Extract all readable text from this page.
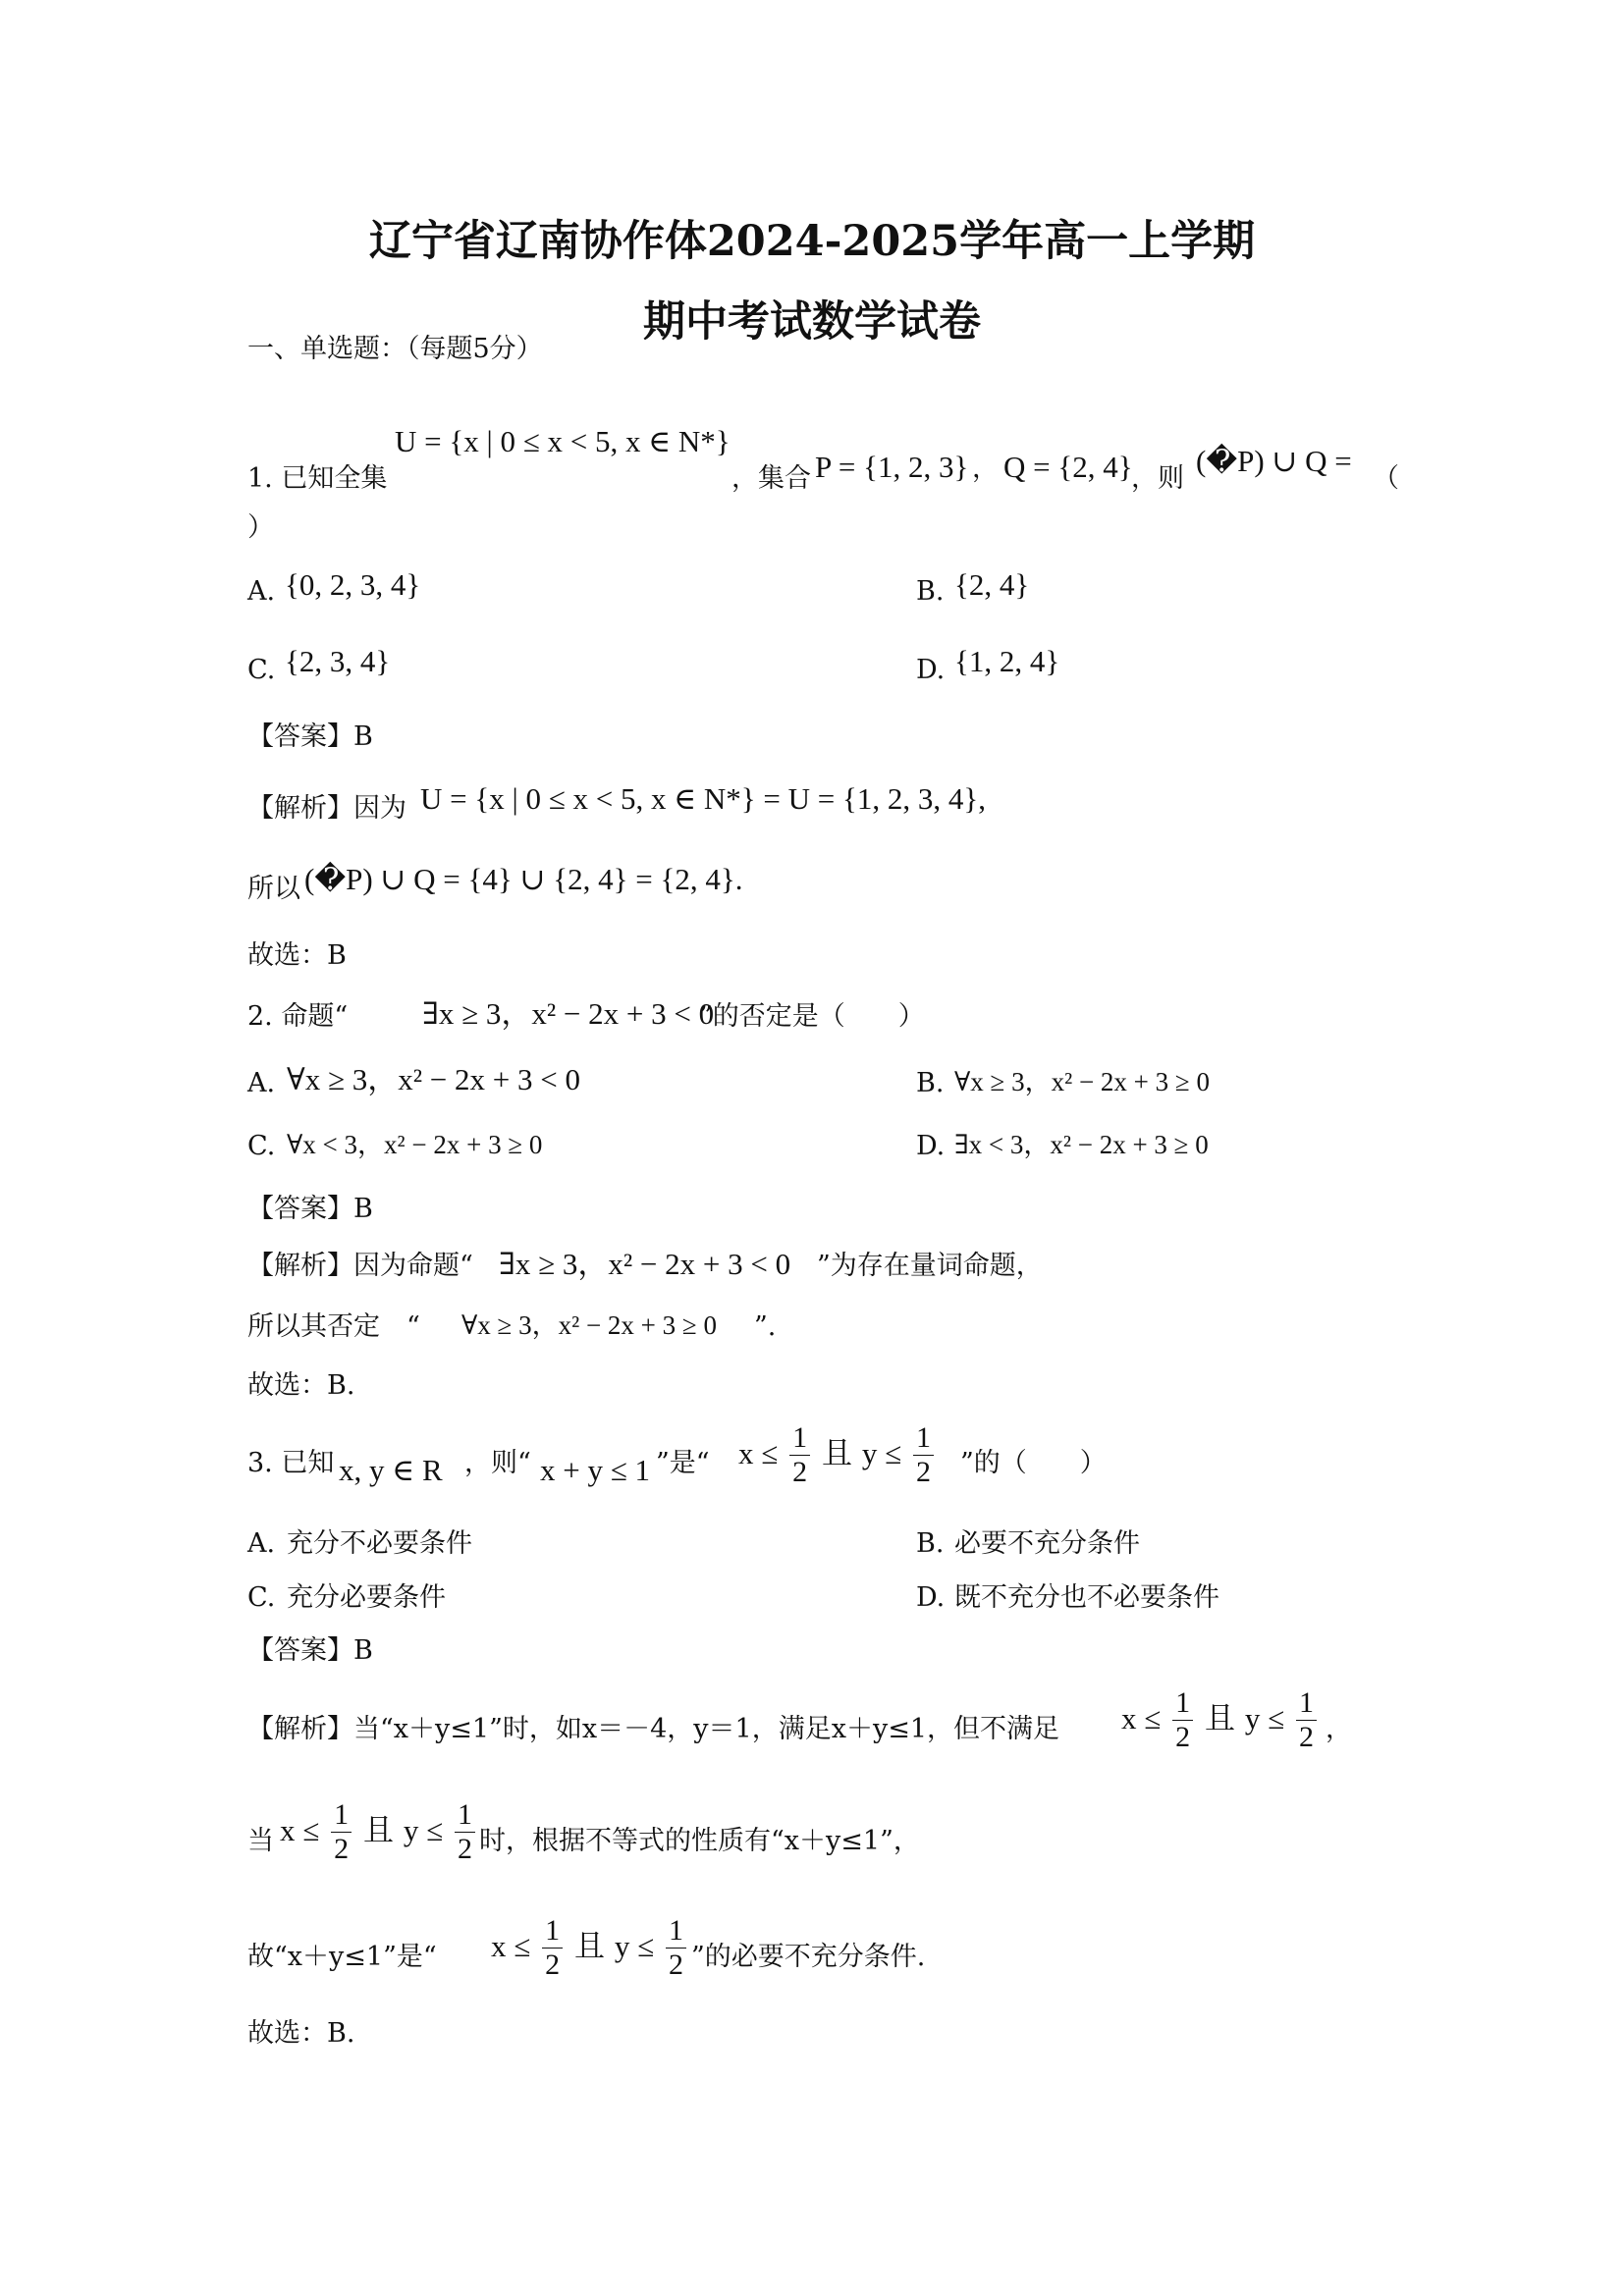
辽宁省辽南协作体2024-2025学年高一上学期
期中考试数学试卷
一、单选题：（每题5分）
1. 已知全集
U = {x | 0 ≤ x < 5, x ∈ N*}
，集合 P = {1, 2, 3} ， Q = {2, 4}
，则
(�P) ∪ Q =
（
）
A. {0, 2, 3, 4}	B. {2, 4}
C. {2, 3, 4}	D. {1, 2, 4}
【答案】B
【解析】因为 U = {x | 0 ≤ x < 5, x ∈ N*} = U = {1, 2, 3, 4},
所以 (�P) ∪ Q = {4} ∪ {2, 4} = {2, 4}.
故选：B
2. 命题“ ∃x ≥ 3，x² − 2x + 3 < 0
”的否定是（　　）
A. ∀x ≥ 3，x² − 2x + 3 < 0	B. ∀x ≥ 3，x² − 2x + 3 ≥ 0
C. ∀x < 3，x² − 2x + 3 ≥ 0	D. ∃x < 3，x² − 2x + 3 ≥ 0
【答案】B
【解析】因为命题“ ∃x ≥ 3，x² − 2x + 3 < 0 ”为存在量词命题，
所以其否定　“ ∀x ≥ 3，x² − 2x + 3 ≥ 0 ”.
故选：B.
3. 已知 x, y ∈ R ，则“ x + y ≤ 1 ”是“ $x \le \frac{1}{2}$ 且 $y \le \frac{1}{2}$ ”的（　　）
A. 充分不必要条件	B. 必要不充分条件
C. 充分必要条件	D. 既不充分也不必要条件
【答案】B
【解析】当“x＋y≤1”时，如x＝－4，y＝1，满足x＋y≤1，但不满足 $x \le \frac{1}{2}$ 且 $y \le \frac{1}{2}$ ，
当 $x \le \frac{1}{2}$ 且 $y \le \frac{1}{2}$ 时，根据不等式的性质有“x＋y≤1”，
故“x＋y≤1”是“ $x \le \frac{1}{2}$ 且 $y \le \frac{1}{2}$ ”的必要不充分条件.
故选：B.
